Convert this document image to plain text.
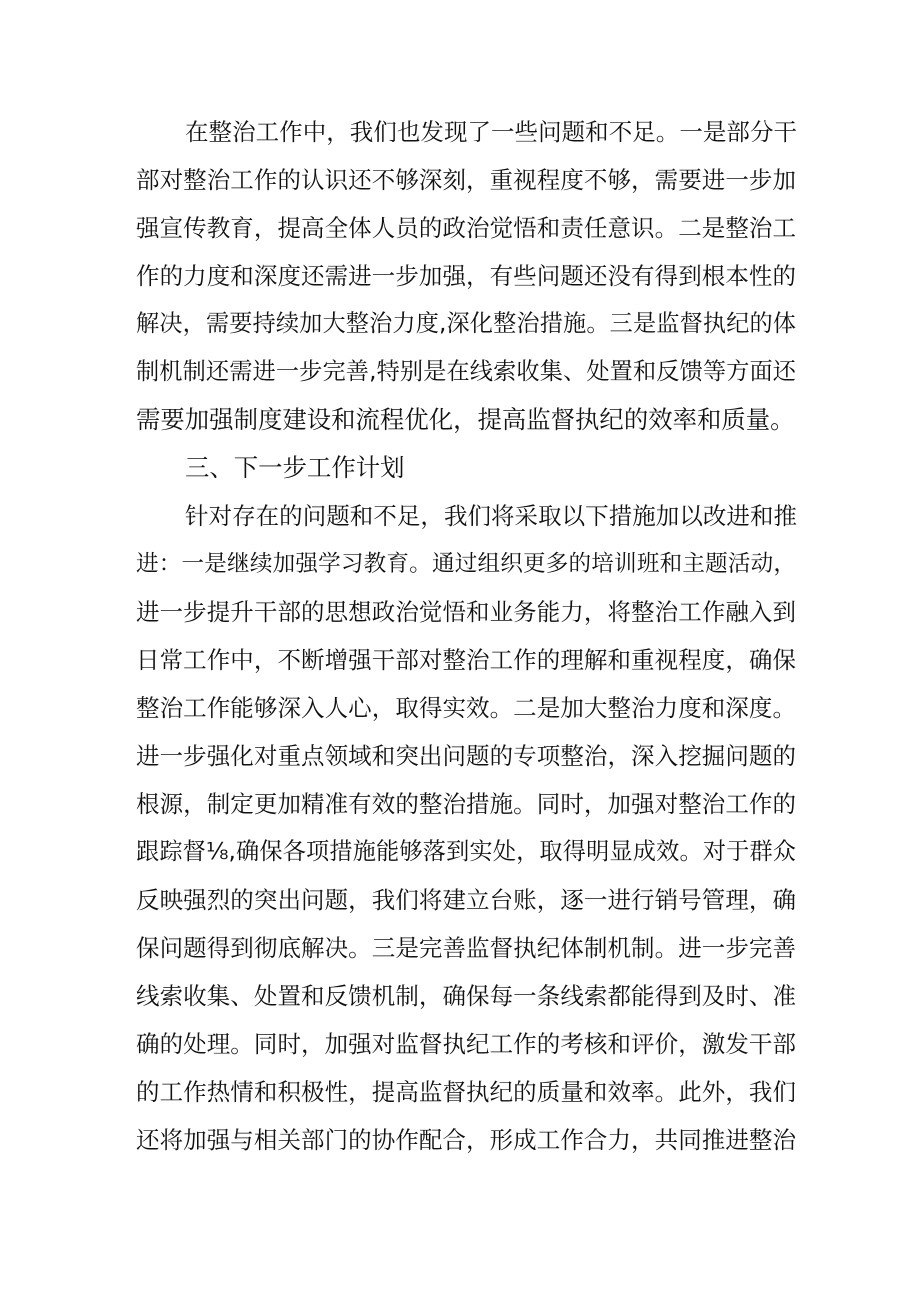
在整治工作中，我们也发现了一些问题和不足。一是部分干
部对整治工作的认识还不够深刻，重视程度不够，需要进一步加
强宣传教育，提高全体人员的政治觉悟和责任意识。二是整治工
作的力度和深度还需进一步加强，有些问题还没有得到根本性的
解决，需要持续加大整治力度,深化整治措施。三是监督执纪的体
制机制还需进一步完善,特别是在线索收集、处置和反馈等方面还
需要加强制度建设和流程优化，提高监督执纪的效率和质量。
三、下一步工作计划
针对存在的问题和不足，我们将采取以下措施加以改进和推
进：一是继续加强学习教育。通过组织更多的培训班和主题活动，
进一步提升干部的思想政治觉悟和业务能力，将整治工作融入到
日常工作中，不断增强干部对整治工作的理解和重视程度，确保
整治工作能够深入人心，取得实效。二是加大整治力度和深度。
进一步强化对重点领域和突出问题的专项整治，深入挖掘问题的
根源，制定更加精准有效的整治措施。同时，加强对整治工作的
跟踪督⅛,确保各项措施能够落到实处，取得明显成效。对于群众
反映强烈的突出问题，我们将建立台账，逐一进行销号管理，确
保问题得到彻底解决。三是完善监督执纪体制机制。进一步完善
线索收集、处置和反馈机制，确保每一条线索都能得到及时、准
确的处理。同时，加强对监督执纪工作的考核和评价，激发干部
的工作热情和积极性，提高监督执纪的质量和效率。此外，我们
还将加强与相关部门的协作配合，形成工作合力，共同推进整治
